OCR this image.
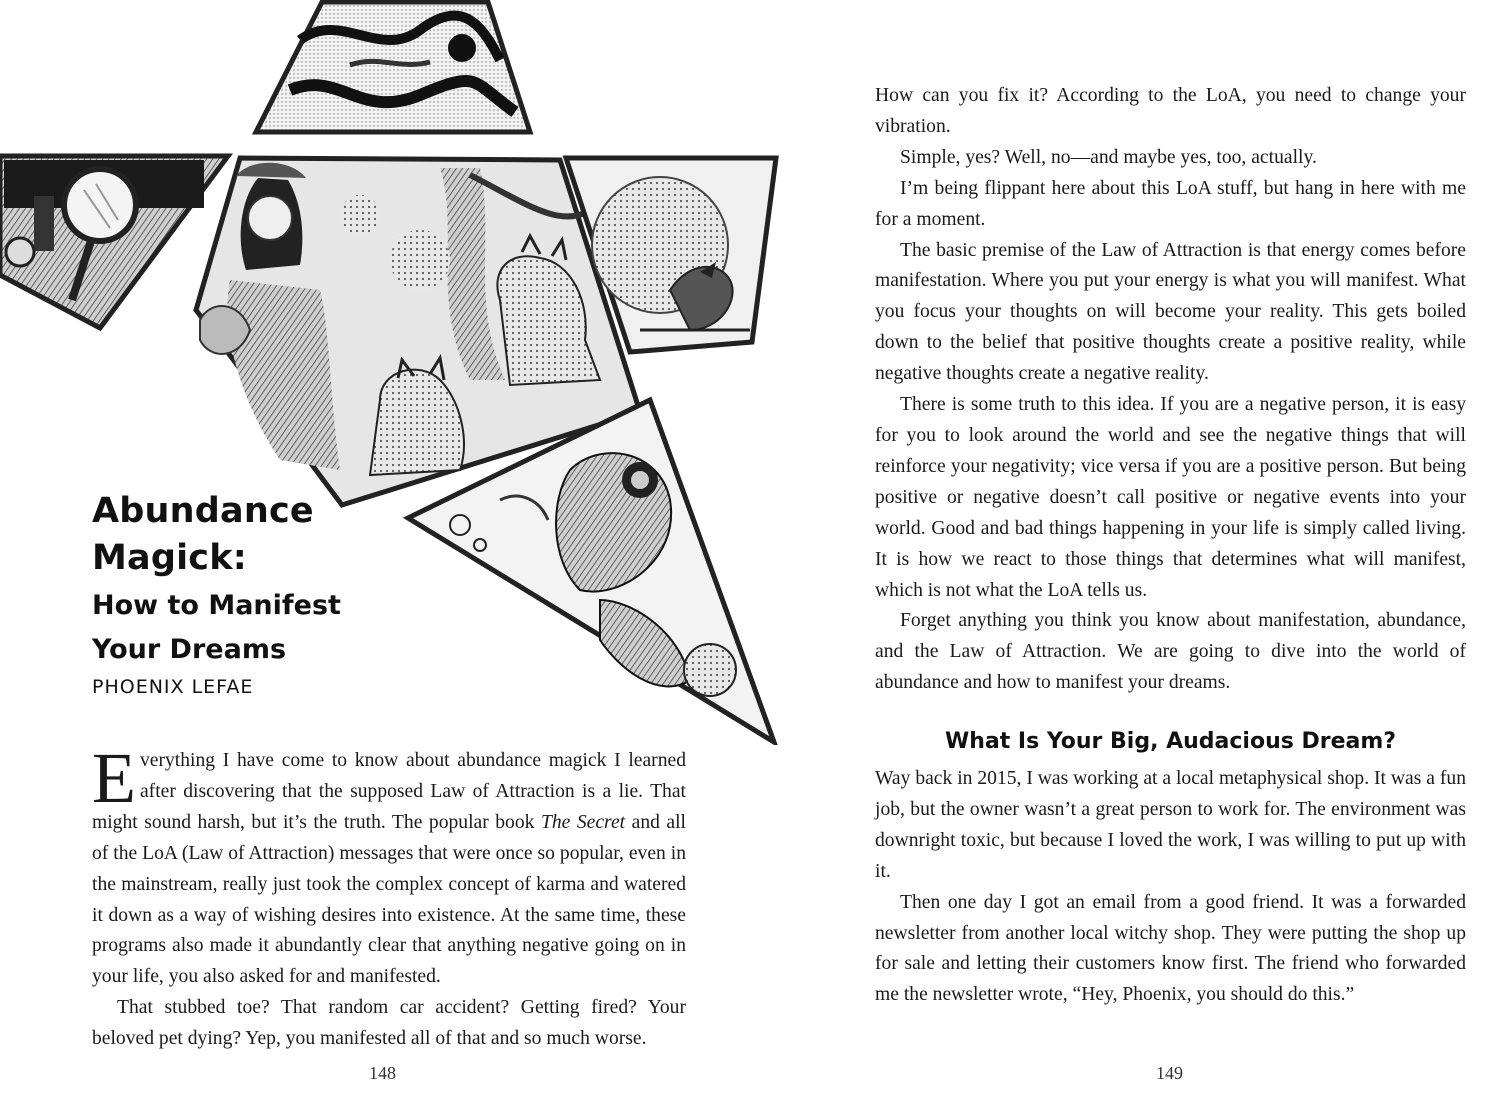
Abundance
Magick:
How to Manifest
Your Dreams
PHOENIX LEFAE

Everything I have come to know about abundance magick I learned after discovering that the supposed Law of Attraction is a lie. That might sound harsh, but it’s the truth. The popular book The Secret and all of the LoA (Law of Attraction) messages that were once so popular, even in the mainstream, really just took the complex concept of karma and watered it down as a way of wishing desires into existence. At the same time, these programs also made it abundantly clear that anything negative going on in your life, you also asked for and manifested.

That stubbed toe? That random car accident? Getting fired? Your beloved pet dying? Yep, you manifested all of that and so much worse.

148

How can you fix it? According to the LoA, you need to change your vibration.

Simple, yes? Well, no—and maybe yes, too, actually.

I’m being flippant here about this LoA stuff, but hang in here with me for a moment.

The basic premise of the Law of Attraction is that energy comes before manifestation. Where you put your energy is what you will manifest. What you focus your thoughts on will become your reality. This gets boiled down to the belief that positive thoughts create a positive reality, while negative thoughts create a negative reality.

There is some truth to this idea. If you are a negative person, it is easy for you to look around the world and see the negative things that will reinforce your negativity; vice versa if you are a positive person. But being positive or negative doesn’t call positive or negative events into your world. Good and bad things happening in your life is simply called living. It is how we react to those things that determines what will manifest, which is not what the LoA tells us.

Forget anything you think you know about manifestation, abundance, and the Law of Attraction. We are going to dive into the world of abundance and how to manifest your dreams.

What Is Your Big, Audacious Dream?

Way back in 2015, I was working at a local metaphysical shop. It was a fun job, but the owner wasn’t a great person to work for. The environment was downright toxic, but because I loved the work, I was willing to put up with it.

Then one day I got an email from a good friend. It was a forwarded newsletter from another local witchy shop. They were putting the shop up for sale and letting their customers know first. The friend who forwarded me the newsletter wrote, “Hey, Phoenix, you should do this.”

149
